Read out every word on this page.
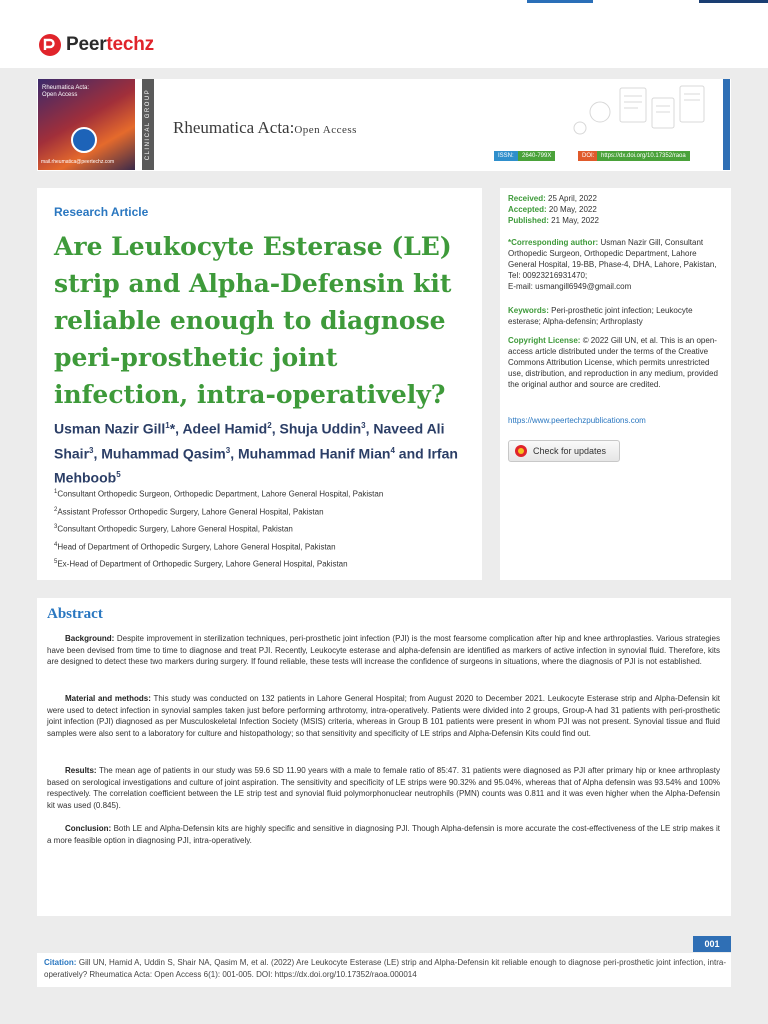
Peertechz
Rheumatica Acta:
Open Access
mail.rheumatica@peertechz.com
CLINICAL GROUP Rheumatica Acta:Open Access
ISSN:	2640-799X	DOI:	https://dx.doi.org/10.17352/raoa
Research Article
Are Leukocyte Esterase (LE) strip and Alpha-Defensin kit reliable enough to diagnose peri-prosthetic joint infection, intra-operatively?

Usman Nazir Gill$^1$*, Adeel Hamid$^2$, Shuja Uddin$^3$, Naveed Ali Shair$^3$, Muhammad Qasim$^3$, Muhammad Hanif Mian$^4$ and Irfan Mehboob$^5$

$^1$Consultant Orthopedic Surgeon, Orthopedic Department, Lahore General Hospital, Pakistan
$^2$Assistant Professor Orthopedic Surgery, Lahore General Hospital, Pakistan
$^3$Consultant Orthopedic Surgery, Lahore General Hospital, Pakistan
$^4$Head of Department of Orthopedic Surgery, Lahore General Hospital, Pakistan
$^5$Ex-Head of Department of Orthopedic Surgery, Lahore General Hospital, Pakistan
Received: 25 April, 2022
Accepted: 20 May, 2022
Published: 21 May, 2022
*Corresponding author: Usman Nazir Gill, Consultant Orthopedic Surgeon, Orthopedic Department, Lahore General Hospital, 19-BB, Phase-4, DHA, Lahore, Pakistan, Tel: 00923216931470;
E-mail: usmangill6949@gmail.com
Keywords: Peri-prosthetic joint infection; Leukocyte esterase; Alpha-defensin; Arthroplasty
Copyright License: © 2022 Gill UN, et al. This is an open-access article distributed under the terms of the Creative Commons Attribution License, which permits unrestricted use, distribution, and reproduction in any medium, provided the original author and source are credited.
https://www.peertechzpublications.com
Check for updates
Abstract

Background: Despite improvement in sterilization techniques, peri-prosthetic joint infection (PJI) is the most fearsome complication after hip and knee arthroplasties. Various strategies have been devised from time to time to diagnose and treat PJI. Recently, Leukocyte esterase and alpha-defensin are identified as markers of active infection in synovial fluid. Therefore, kits are designed to detect these two markers during surgery. If found reliable, these tests will increase the confidence of surgeons in situations, where the diagnosis of PJI is not established.

Material and methods: This study was conducted on 132 patients in Lahore General Hospital; from August 2020 to December 2021. Leukocyte Esterase strip and Alpha-Defensin kit were used to detect infection in synovial samples taken just before performing arthrotomy, intra-operatively. Patients were divided into 2 groups, Group-A had 31 patients with peri-prosthetic joint infection (PJI) diagnosed as per Musculoskeletal Infection Society (MSIS) criteria, whereas in Group B 101 patients were present in whom PJI was not present. Synovial tissue and fluid samples were also sent to a laboratory for culture and histopathology; so that sensitivity and specificity of LE strips and Alpha-Defensin Kits could find out.

Results: The mean age of patients in our study was 59.6 SD 11.90 years with a male to female ratio of 85:47. 31 patients were diagnosed as PJI after primary hip or knee arthroplasty based on serological investigations and culture of joint aspiration. The sensitivity and specificity of LE strips were 90.32% and 95.04%, whereas that of Alpha defensin was 93.54% and 100% respectively. The correlation coefficient between the LE strip test and synovial fluid polymorphonuclear neutrophils (PMN) counts was 0.811 and it was even higher when the Alpha-Defensin kit was used (0.845).

Conclusion: Both LE and Alpha-Defensin kits are highly specific and sensitive in diagnosing PJI. Though Alpha-defensin is more accurate the cost-effectiveness of the LE strip makes it a more feasible option in diagnosing PJI, intra-operatively.

001

Citation: Gill UN, Hamid A, Uddin S, Shair NA, Qasim M, et al. (2022) Are Leukocyte Esterase (LE) strip and Alpha-Defensin kit reliable enough to diagnose peri-prosthetic joint infection, intra-operatively? Rheumatica Acta: Open Access 6(1): 001-005. DOI: https://dx.doi.org/10.17352/raoa.000014
